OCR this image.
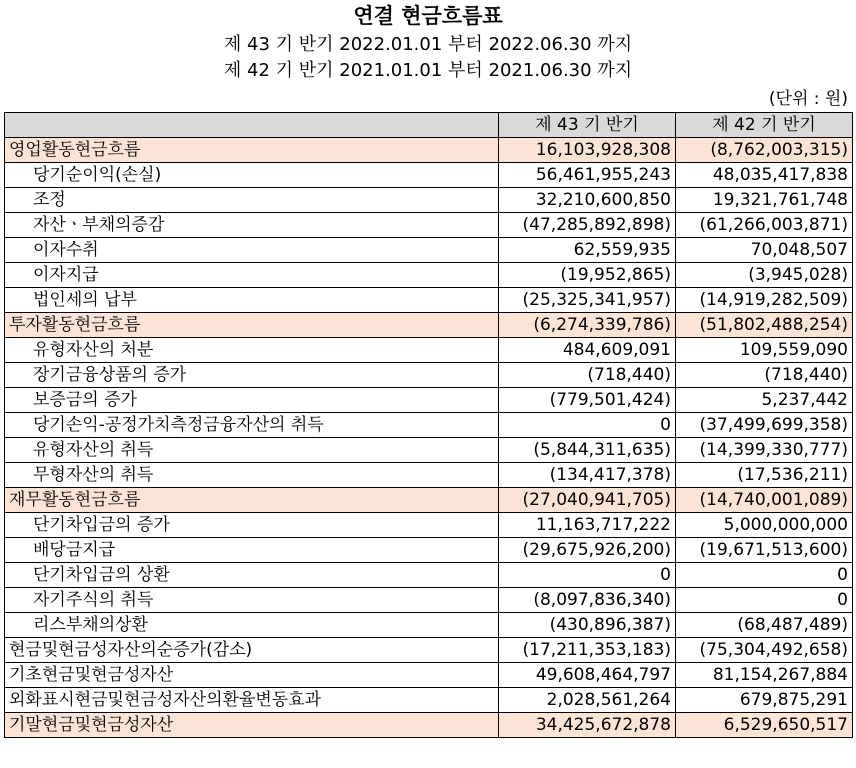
연결 현금흐름표
제 43 기 반기 2022.01.01 부터 2022.06.30 까지
제 42 기 반기 2021.01.01 부터 2021.06.30 까지
(단위 : 원)
	제 43 기 반기	제 42 기 반기
영업활동현금흐름	16,103,928,308	(8,762,003,315)
당기순이익(손실)	56,461,955,243	48,035,417,838
조정	32,210,600,850	19,321,761,748
자산ㆍ부채의증감	(47,285,892,898)	(61,266,003,871)
이자수취	62,559,935	70,048,507
이자지급	(19,952,865)	(3,945,028)
법인세의 납부	(25,325,341,957)	(14,919,282,509)
투자활동현금흐름	(6,274,339,786)	(51,802,488,254)
유형자산의 처분	484,609,091	109,559,090
장기금융상품의 증가	(718,440)	(718,440)
보증금의 증가	(779,501,424)	5,237,442
당기손익-공정가치측정금융자산의 취득	0	(37,499,699,358)
유형자산의 취득	(5,844,311,635)	(14,399,330,777)
무형자산의 취득	(134,417,378)	(17,536,211)
재무활동현금흐름	(27,040,941,705)	(14,740,001,089)
단기차입금의 증가	11,163,717,222	5,000,000,000
배당금지급	(29,675,926,200)	(19,671,513,600)
단기차입금의 상환	0	0
자기주식의 취득	(8,097,836,340)	0
리스부채의상환	(430,896,387)	(68,487,489)
현금및현금성자산의순증가(감소)	(17,211,353,183)	(75,304,492,658)
기초현금및현금성자산	49,608,464,797	81,154,267,884
외화표시현금및현금성자산의환율변동효과	2,028,561,264	679,875,291
기말현금및현금성자산	34,425,672,878	6,529,650,517
